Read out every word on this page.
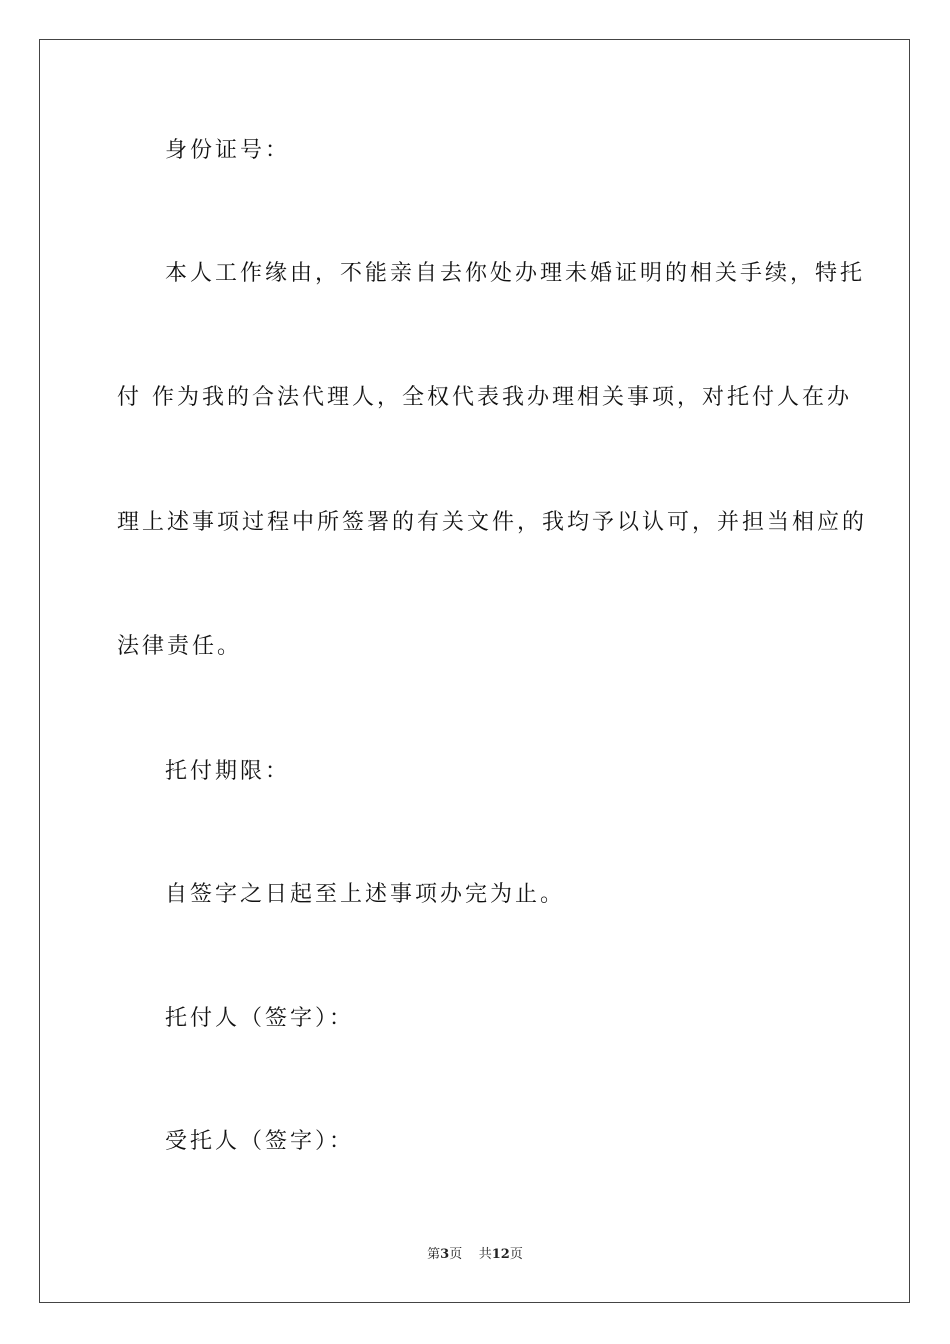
身份证号：
本人工作缘由，不能亲自去你处办理未婚证明的相关手续，特托
付 作为我的合法代理人，全权代表我办理相关事项，对托付人在办
理上述事项过程中所签署的有关文件，我均予以认可，并担当相应的
法律责任。
托付期限：
自签字之日起至上述事项办完为止。
托付人（签字）：
受托人（签字）：
第3页 共12页
